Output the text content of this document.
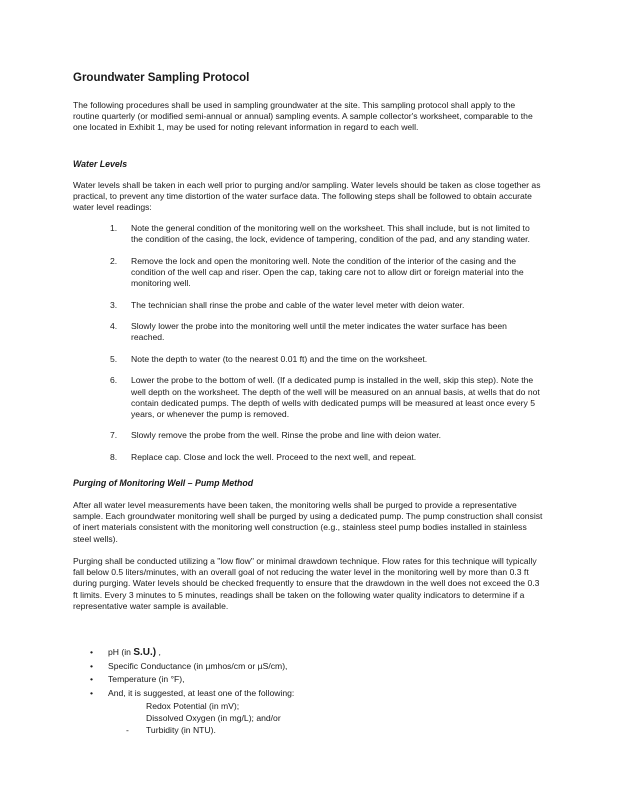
Groundwater Sampling Protocol

The following procedures shall be used in sampling groundwater at the site. This sampling protocol shall apply to the routine quarterly (or modified semi-annual or annual) sampling events. A sample collector's worksheet, comparable to the one located in Exhibit 1, may be used for noting relevant information in regard to each well.

Water Levels

Water levels shall be taken in each well prior to purging and/or sampling. Water levels should be taken as close together as practical, to prevent any time distortion of the water surface data. The following steps shall be followed to obtain accurate water level readings:

1. Note the general condition of the monitoring well on the worksheet. This shall include, but is not limited to the condition of the casing, the lock, evidence of tampering, condition of the pad, and any standing water.
2. Remove the lock and open the monitoring well. Note the condition of the interior of the casing and the condition of the well cap and riser. Open the cap, taking care not to allow dirt or foreign material into the monitoring well.
3. The technician shall rinse the probe and cable of the water level meter with deion water.
4. Slowly lower the probe into the monitoring well until the meter indicates the water surface has been reached.
5. Note the depth to water (to the nearest 0.01 ft) and the time on the worksheet.
6. Lower the probe to the bottom of well. (If a dedicated pump is installed in the well, skip this step). Note the well depth on the worksheet. The depth of the well will be measured on an annual basis, at wells that do not contain dedicated pumps. The depth of wells with dedicated pumps will be measured at least once every 5 years, or whenever the pump is removed.
7. Slowly remove the probe from the well. Rinse the probe and line with deion water.
8. Replace cap. Close and lock the well. Proceed to the next well, and repeat.
Purging of Monitoring Well – Pump Method

After all water level measurements have been taken, the monitoring wells shall be purged to provide a representative sample. Each groundwater monitoring well shall be purged by using a dedicated pump. The pump construction shall consist of inert materials consistent with the monitoring well construction (e.g., stainless steel pump bodies installed in stainless steel wells).

Purging shall be conducted utilizing a "low flow" or minimal drawdown technique. Flow rates for this technique will typically fall below 0.5 liters/minutes, with an overall goal of not reducing the water level in the monitoring well by more than 0.3 ft during purging. Water levels should be checked frequently to ensure that the drawdown in the well does not exceed the 0.3 ft limits. Every 3 minutes to 5 minutes, readings shall be taken on the following water quality indicators to determine if a representative water sample is available.

• pH (in S.U.) ,
• Specific Conductance (in µmhos/cm or µS/cm),
• Temperature (in °F),
• And, it is suggested, at least one of the following:
Redox Potential (in mV);
Dissolved Oxygen (in mg/L); and/or
- Turbidity (in NTU).
